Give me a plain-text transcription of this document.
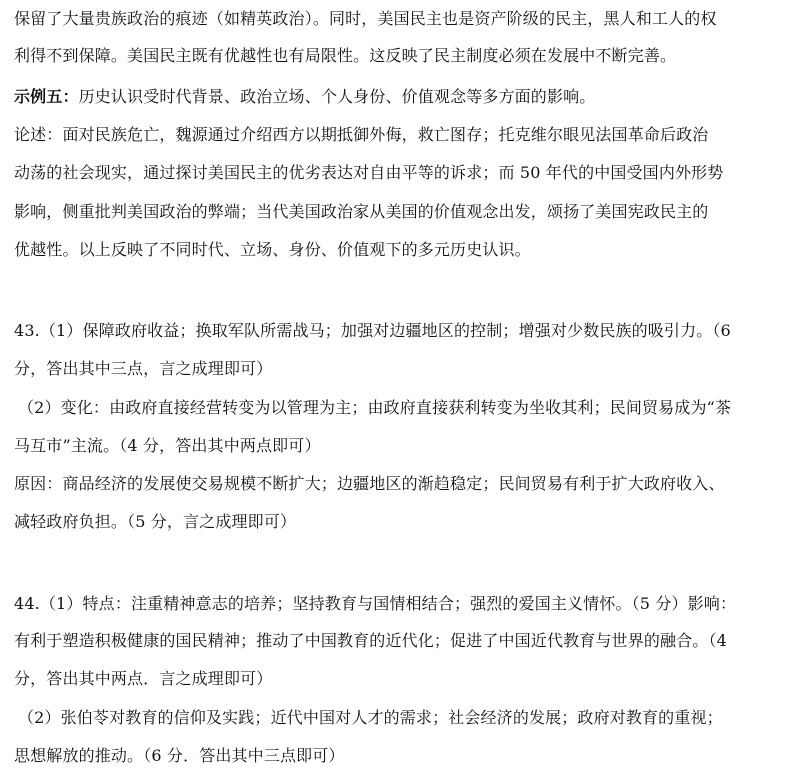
保留了大量贵族政治的痕迹（如精英政治）。同时，美国民主也是资产阶级的民主，黑人和工人的权
利得不到保障。美国民主既有优越性也有局限性。这反映了民主制度必须在发展中不断完善。
示例五：历史认识受时代背景、政治立场、个人身份、价值观念等多方面的影响。
论述：面对民族危亡，魏源通过介绍西方以期抵御外侮，救亡图存；托克维尔眼见法国革命后政治
动荡的社会现实，通过探讨美国民主的优劣表达对自由平等的诉求；而 50 年代的中国受国内外形势
影响，侧重批判美国政治的弊端；当代美国政治家从美国的价值观念出发，颂扬了美国宪政民主的
优越性。以上反映了不同时代、立场、身份、价值观下的多元历史认识。
43.（1）保障政府收益；换取军队所需战马；加强对边疆地区的控制；增强对少数民族的吸引力。（6
分，答出其中三点，言之成理即可）
（2）变化：由政府直接经营转变为以管理为主；由政府直接获利转变为坐收其利；民间贸易成为“茶
马互市”主流。（4 分，答出其中两点即可）
原因：商品经济的发展使交易规模不断扩大；边疆地区的渐趋稳定；民间贸易有利于扩大政府收入、
减轻政府负担。（5 分，言之成理即可）
44.（1）特点：注重精神意志的培养；坚持教育与国情相结合；强烈的爱国主义情怀。（5 分）影响：
有利于塑造积极健康的国民精神；推动了中国教育的近代化；促进了中国近代教育与世界的融合。（4
分，答出其中两点．言之成理即可）
（2）张伯苓对教育的信仰及实践；近代中国对人才的需求；社会经济的发展；政府对教育的重视；
思想解放的推动。（6 分．答出其中三点即可）
